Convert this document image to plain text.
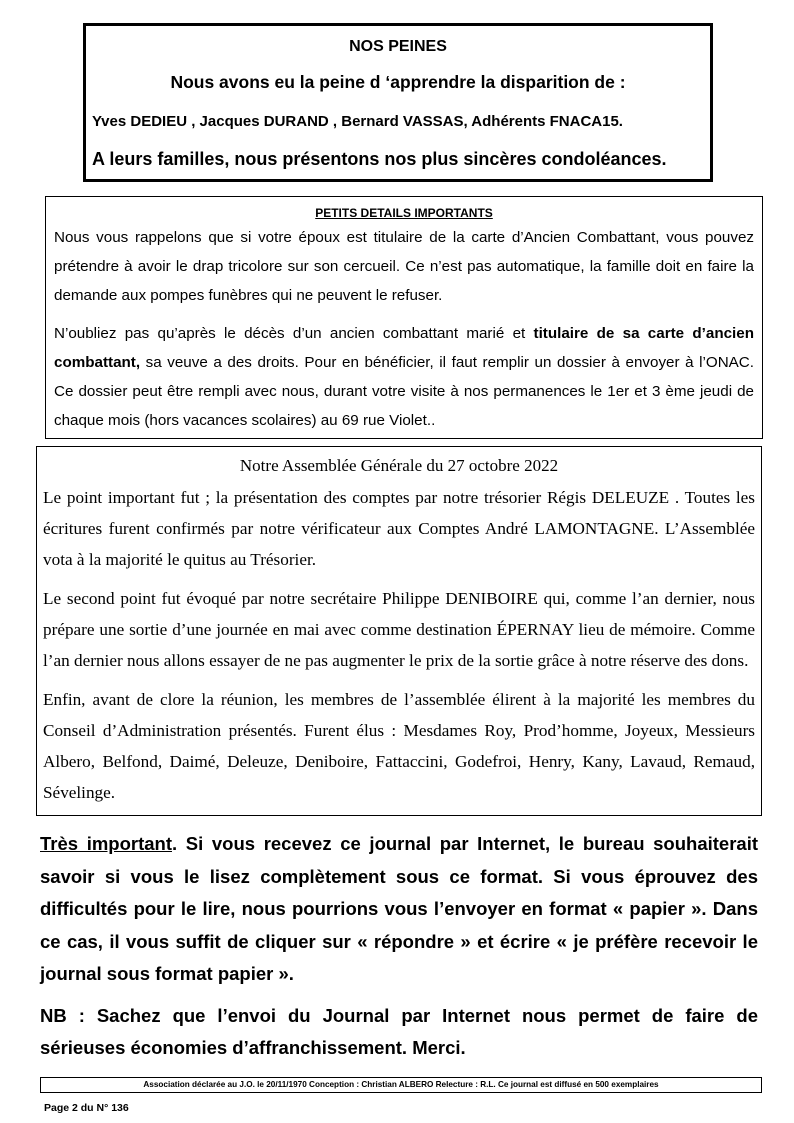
NOS PEINES
Nous avons eu la peine d ‘apprendre la disparition de :
Yves DEDIEU , Jacques DURAND , Bernard VASSAS, Adhérents FNACA15.
A leurs familles, nous présentons nos plus sincères condoléances.
PETITS DETAILS IMPORTANTS

Nous vous rappelons que si votre époux est titulaire de la carte d’Ancien Combattant, vous pouvez prétendre à avoir le drap tricolore sur son cercueil. Ce n’est pas automatique, la famille doit en faire la demande aux pompes funèbres qui ne peuvent le refuser.

N’oubliez pas qu’après le décès d’un ancien combattant marié et titulaire de sa carte d’ancien combattant, sa veuve a des droits. Pour en bénéficier, il faut remplir un dossier à envoyer à l’ONAC. Ce dossier peut être rempli avec nous, durant votre visite à nos permanences le 1er et 3 ème jeudi de chaque mois (hors vacances scolaires) au 69 rue Violet..

Notre Assemblée Générale du 27 octobre 2022

Le point important fut ; la présentation des comptes par notre trésorier Régis DELEUZE . Toutes les écritures furent confirmés par notre vérificateur aux Comptes André LAMONTAGNE. L’Assemblée vota à la majorité le quitus au Trésorier.

Le second point fut évoqué par notre secrétaire Philippe DENIBOIRE qui, comme l’an dernier, nous prépare une sortie d’une journée en mai avec comme destination ÉPERNAY lieu de mémoire. Comme l’an dernier nous allons essayer de ne pas augmenter le prix de la sortie grâce à notre réserve des dons.

Enfin, avant de clore la réunion, les membres de l’assemblée élirent à la majorité les membres du Conseil d’Administration présentés. Furent élus : Mesdames Roy, Prod’homme, Joyeux, Messieurs Albero, Belfond, Daimé, Deleuze, Deniboire, Fattaccini, Godefroi, Henry, Kany, Lavaud, Remaud, Sévelinge.

Très important. Si vous recevez ce journal par Internet, le bureau souhaiterait savoir si vous le lisez complètement sous ce format. Si vous éprouvez des difficultés pour le lire, nous pourrions vous l’envoyer en format « papier ». Dans ce cas, il vous suffit de cliquer sur « répondre » et écrire « je préfère recevoir le journal sous format papier ».

NB : Sachez que l’envoi du Journal par Internet nous permet de faire de sérieuses économies d’affranchissement. Merci.

Association déclarée au J.O. le 20/11/1970 Conception : Christian ALBERO Relecture : R.L. Ce journal est diffusé en 500 exemplaires
Page 2 du N° 136
